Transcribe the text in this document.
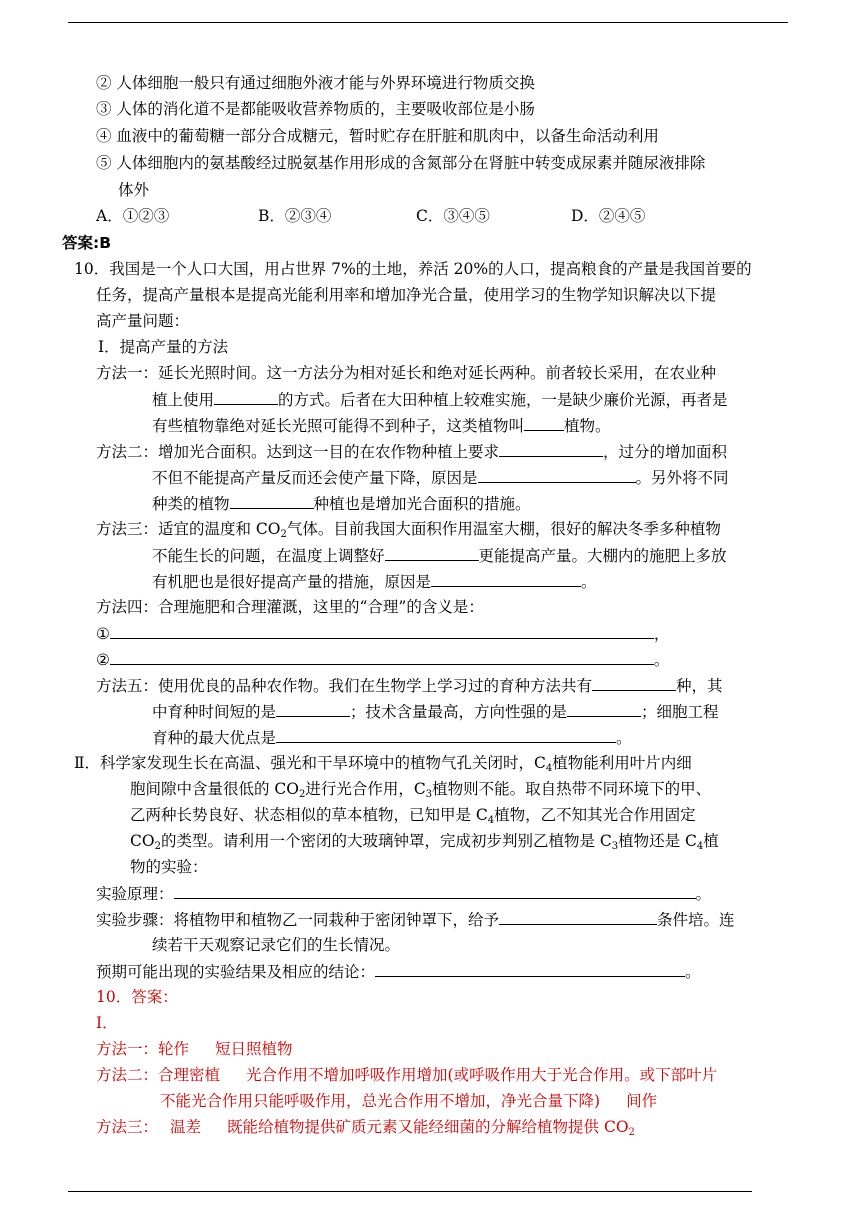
② 人体细胞一般只有通过细胞外液才能与外界环境进行物质交换
③ 人体的消化道不是都能吸收营养物质的，主要吸收部位是小肠
④ 血液中的葡萄糖一部分合成糖元，暂时贮存在肝脏和肌肉中，以备生命活动利用
⑤ 人体细胞内的氨基酸经过脱氨基作用形成的含氮部分在肾脏中转变成尿素并随尿液排除
体外
A．①②③	B．②③④	C．③④⑤	D．②④⑤
答案:B
10．我国是一个人口大国，用占世界 7%的土地，养活 20%的人口，提高粮食的产量是我国首要的
任务，提高产量根本是提高光能利用率和增加净光合量，使用学习的生物学知识解决以下提
高产量问题：
Ⅰ．提高产量的方法
方法一：延长光照时间。这一方法分为相对延长和绝对延长两种。前者较长采用，在农业种
植上使用	的方式。后者在大田种植上较难实施，一是缺少廉价光源，再者是
有些植物靠绝对延长光照可能得不到种子，这类植物叫	植物。
方法二：增加光合面积。达到这一目的在农作物种植上要求	，过分的增加面积
不但不能提高产量反而还会使产量下降，原因是	。另外将不同
种类的植物	种植也是增加光合面积的措施。
方法三：适宜的温度和 $CO_2$气体。目前我国大面积作用温室大棚，很好的解决冬季多种植物
不能生长的问题，在温度上调整好	更能提高产量。大棚内的施肥上多放
有机肥也是很好提高产量的措施，原因是	。
方法四：合理施肥和合理灌溉，这里的“合理”的含义是：
①	，
②	。
方法五：使用优良的品种农作物。我们在生物学上学习过的育种方法共有	种，其
中育种时间短的是	；技术含量最高，方向性强的是	；细胞工程
育种的最大优点是	。
Ⅱ．科学家发现生长在高温、强光和干旱环境中的植物气孔关闭时，$C_4$植物能利用叶片内细
胞间隙中含量很低的 $CO_2$进行光合作用，$C_3$植物则不能。取自热带不同环境下的甲、
乙两种长势良好、状态相似的草本植物，已知甲是 $C_4$植物，乙不知其光合作用固定
$CO_2$的类型。请利用一个密闭的大玻璃钟罩，完成初步判别乙植物是 $C_3$植物还是 $C_4$植
物的实验：
实验原理：	。
实验步骤：将植物甲和植物乙一同栽种于密闭钟罩下，给予	条件培。连
续若干天观察记录它们的生长情况。
预期可能出现的实验结果及相应的结论：	。
10．答案：
Ⅰ．
方法一：轮作 短日照植物
方法二：合理密植 光合作用不增加呼吸作用增加(或呼吸作用大于光合作用。或下部叶片
不能光合作用只能呼吸作用，总光合作用不增加，净光合量下降) 间作
方法三： 温差 既能给植物提供矿质元素又能经细菌的分解给植物提供 $CO_2$
